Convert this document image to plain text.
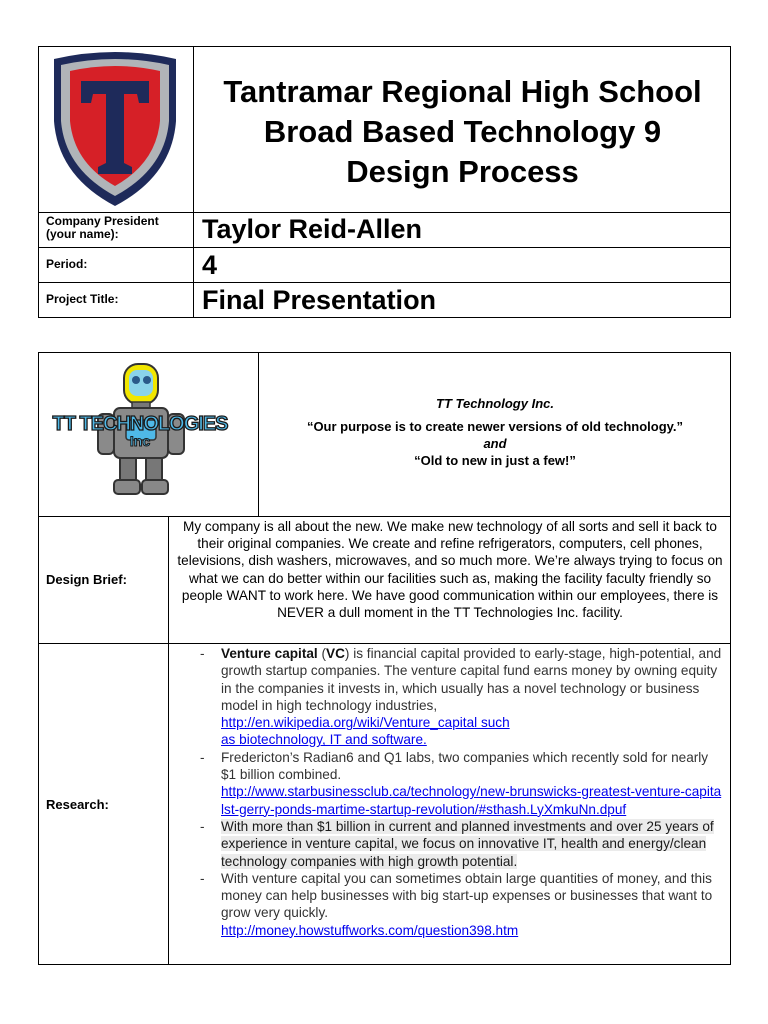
Tantramar Regional High School
Broad Based Technology 9
Design Process
Company President
(your name):	Taylor Reid-Allen
Period:	4
Project Title:	Final Presentation
TT TECHNOLOGIES
Inc
TT Technology Inc.
“Our purpose is to create newer versions of old technology.”
and
“Old to new in just a few!”
Design Brief:
My company is all about the new. We make new technology of all sorts and sell it back to their original companies. We create and refine refrigerators, computers, cell phones, televisions, dish washers, microwaves, and so much more. We’re always trying to focus on what we can do better within our facilities such as, making the facility faculty friendly so people WANT to work here. We have good communication within our employees, there is NEVER a dull moment in the TT Technologies Inc. facility.
Research:
- Venture capital (VC) is financial capital provided to early-stage, high-potential, and growth startup companies. The venture capital fund earns money by owning equity in the companies it invests in, which usually has a novel technology or business model in high technology industries,
http://en.wikipedia.org/wiki/Venture_capital such
as biotechnology, IT and software.
- Fredericton’s Radian6 and Q1 labs, two companies which recently sold for nearly $1 billion combined.
http://www.starbusinessclub.ca/technology/new-brunswicks-greatest-venture-capitalst-gerry-ponds-martime-startup-revolution/#sthash.LyXmkuNn.dpuf
- With more than $1 billion in current and planned investments and over 25 years of experience in venture capital, we focus on innovative IT, health and energy/clean technology companies with high growth potential.
- With venture capital you can sometimes obtain large quantities of money, and this money can help businesses with big start-up expenses or businesses that want to grow very quickly.
http://money.howstuffworks.com/question398.htm
